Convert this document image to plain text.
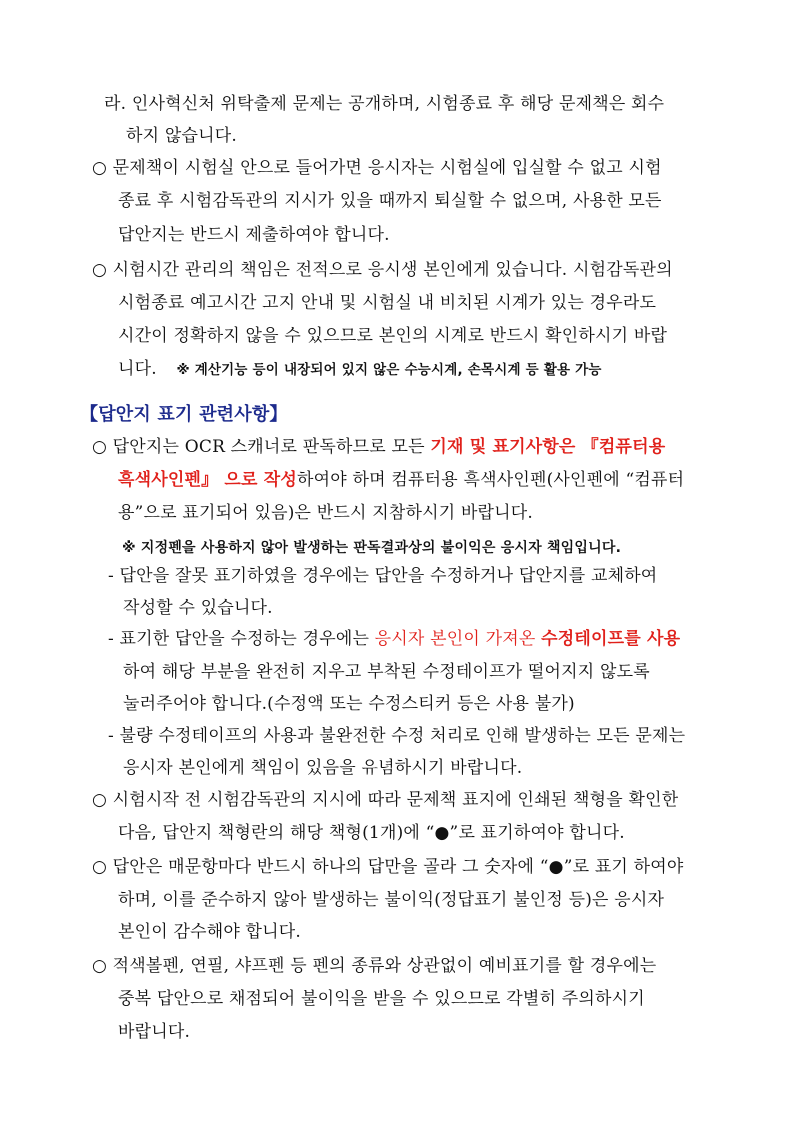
라. 인사혁신처 위탁출제 문제는 공개하며, 시험종료 후 해당 문제책은 회수
하지 않습니다.
○ 문제책이 시험실 안으로 들어가면 응시자는 시험실에 입실할 수 없고 시험
종료 후 시험감독관의 지시가 있을 때까지 퇴실할 수 없으며, 사용한 모든
답안지는 반드시 제출하여야 합니다.
○ 시험시간 관리의 책임은 전적으로 응시생 본인에게 있습니다. 시험감독관의
시험종료 예고시간 고지 안내 및 시험실 내 비치된 시계가 있는 경우라도
시간이 정확하지 않을 수 있으므로 본인의 시계로 반드시 확인하시기 바랍
니다. ※ 계산기능 등이 내장되어 있지 않은 수능시계, 손목시계 등 활용 가능
【답안지 표기 관련사항】
○ 답안지는 OCR 스캐너로 판독하므로 모든 기재 및 표기사항은 『컴퓨터용
흑색사인펜』 으로 작성하여야 하며 컴퓨터용 흑색사인펜(사인펜에 “컴퓨터
용”으로 표기되어 있음)은 반드시 지참하시기 바랍니다.
※ 지정펜을 사용하지 않아 발생하는 판독결과상의 불이익은 응시자 책임입니다.
- 답안을 잘못 표기하였을 경우에는 답안을 수정하거나 답안지를 교체하여
작성할 수 있습니다.
- 표기한 답안을 수정하는 경우에는 응시자 본인이 가져온 수정테이프를 사용
하여 해당 부분을 완전히 지우고 부착된 수정테이프가 떨어지지 않도록
눌러주어야 합니다.(수정액 또는 수정스티커 등은 사용 불가)
- 불량 수정테이프의 사용과 불완전한 수정 처리로 인해 발생하는 모든 문제는
응시자 본인에게 책임이 있음을 유념하시기 바랍니다.
○ 시험시작 전 시험감독관의 지시에 따라 문제책 표지에 인쇄된 책형을 확인한
다음, 답안지 책형란의 해당 책형(1개)에 “●”로 표기하여야 합니다.
○ 답안은 매문항마다 반드시 하나의 답만을 골라 그 숫자에 “●”로 표기 하여야
하며, 이를 준수하지 않아 발생하는 불이익(정답표기 불인정 등)은 응시자
본인이 감수해야 합니다.
○ 적색볼펜, 연필, 샤프펜 등 펜의 종류와 상관없이 예비표기를 할 경우에는
중복 답안으로 채점되어 불이익을 받을 수 있으므로 각별히 주의하시기
바랍니다.
